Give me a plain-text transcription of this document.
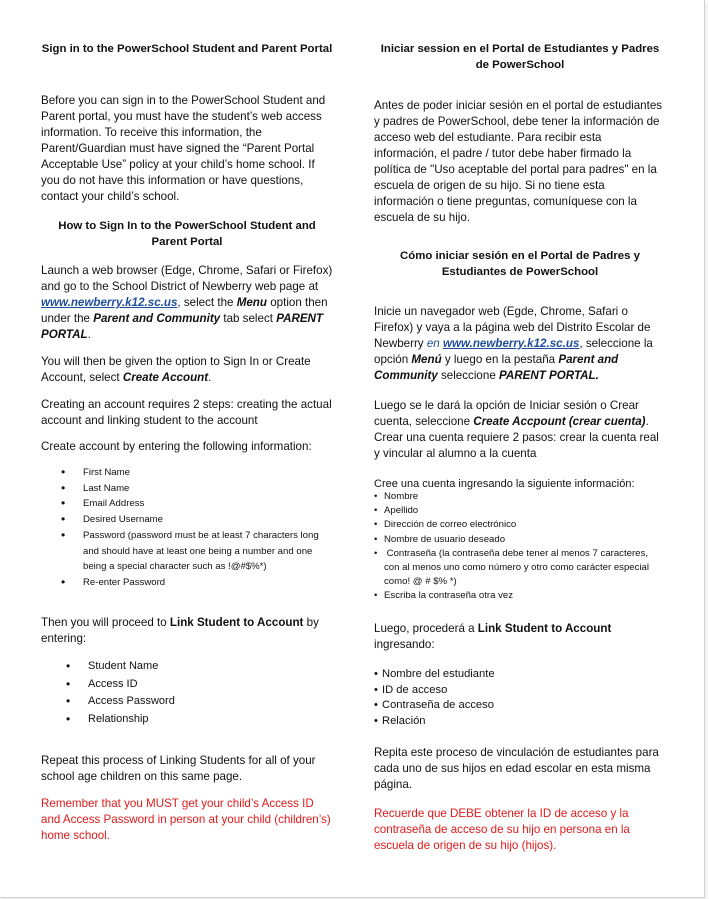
Sign in to the PowerSchool Student and Parent Portal
Before you can sign in to the PowerSchool Student and Parent portal, you must have the student’s web access information. To receive this information, the Parent/Guardian must have signed the “Parent Portal Acceptable Use” policy at your child’s home school. If you do not have this information or have questions, contact your child’s school.
How to Sign In to the PowerSchool Student and Parent Portal
Launch a web browser (Edge, Chrome, Safari or Firefox) and go to the School District of Newberry web page at www.newberry.k12.sc.us, select the Menu option then under the Parent and Community tab select PARENT PORTAL.
You will then be given the option to Sign In or Create Account, select Create Account.
Creating an account requires 2 steps: creating the actual account and linking student to the account
Create account by entering the following information:
• First Name
• Last Name
• Email Address
• Desired Username
• Password (password must be at least 7 characters long and should have at least one being a number and one being a special character such as !@#$%*)
• Re-enter Password
Then you will proceed to Link Student to Account by entering:
• Student Name
• Access ID
• Access Password
• Relationship
Repeat this process of Linking Students for all of your school age children on this same page.
Remember that you MUST get your child’s Access ID and Access Password in person at your child (children’s) home school.
Iniciar session en el Portal de Estudiantes y Padres de PowerSchool
Antes de poder iniciar sesión en el portal de estudiantes y padres de PowerSchool, debe tener la información de acceso web del estudiante. Para recibir esta información, el padre / tutor debe haber firmado la política de "Uso aceptable del portal para padres" en la escuela de origen de su hijo. Si no tiene esta información o tiene preguntas, comuníquese con la escuela de su hijo.
Cómo iniciar sesión en el Portal de Padres y Estudiantes de PowerSchool
Inicie un navegador web (Egde, Chrome, Safari o Firefox) y vaya a la página web del Distrito Escolar de Newberry en www.newberry.k12.sc.us, seleccione la opción Menú y luego en la pestaña Parent and Community seleccione PARENT PORTAL.
Luego se le dará la opción de Iniciar sesión o Crear cuenta, seleccione Create Accpount (crear cuenta). Crear una cuenta requiere 2 pasos: crear la cuenta real y vincular al alumno a la cuenta
Cree una cuenta ingresando la siguiente información:
• Nombre
• Apellido
• Dirección de correo electrónico
• Nombre de usuario deseado
•  Contraseña (la contraseña debe tener al menos 7 caracteres, con al menos uno como número y otro como carácter especial como! @ # $% *)
• Escriba la contraseña otra vez
Luego, procederá a Link Student to Account ingresando:
• Nombre del estudiante
• ID de acceso
• Contraseña de acceso
• Relación
Repita este proceso de vinculación de estudiantes para cada uno de sus hijos en edad escolar en esta misma página.
Recuerde que DEBE obtener la ID de acceso y la contraseña de acceso de su hijo en persona en la escuela de origen de su hijo (hijos).
